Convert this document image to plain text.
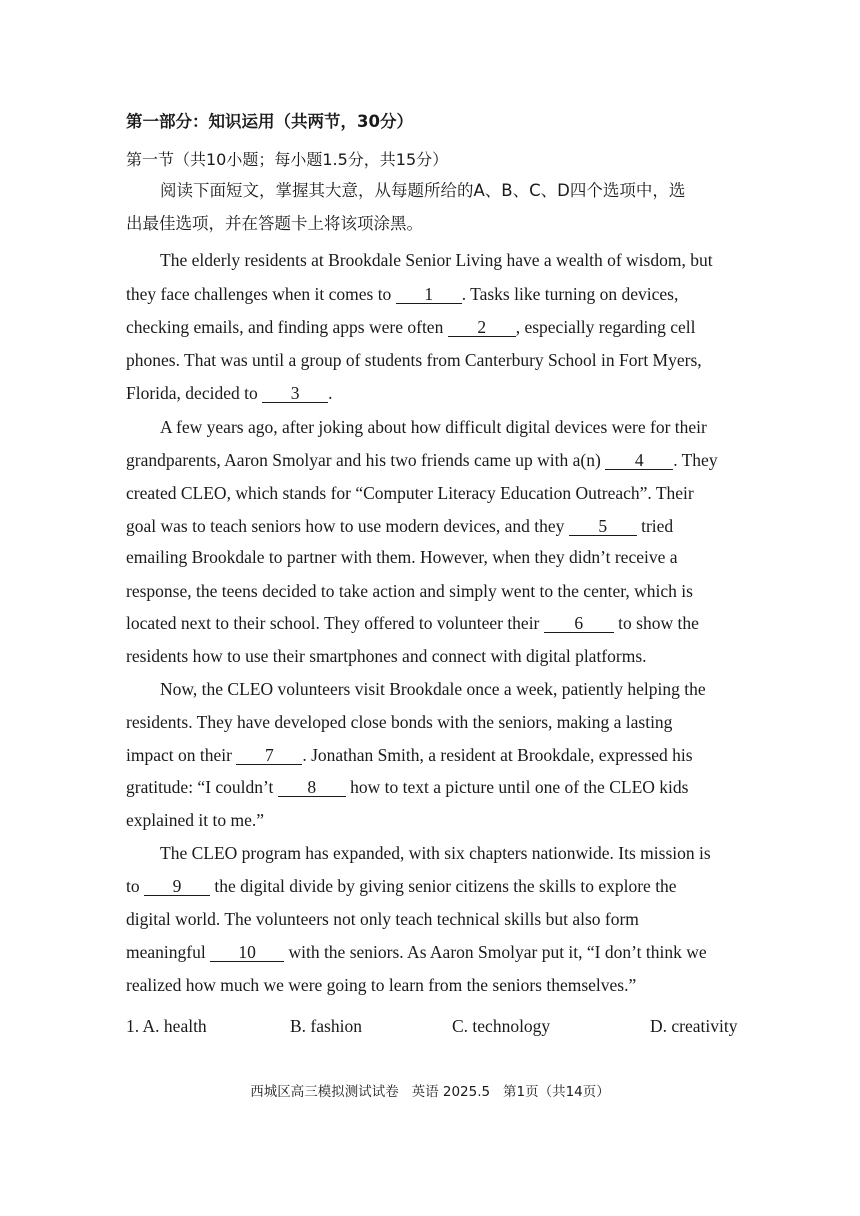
第一部分：知识运用（共两节，30分）
第一节（共10小题；每小题1.5分，共15分）
阅读下面短文，掌握其大意，从每题所给的A、B、C、D四个选项中，选
出最佳选项，并在答题卡上将该项涂黑。
The elderly residents at Brookdale Senior Living have a wealth of wisdom, but
they face challenges when it comes to 1 . Tasks like turning on devices,
checking emails, and finding apps were often 2 , especially regarding cell
phones. That was until a group of students from Canterbury School in Fort Myers,
Florida, decided to 3 .
A few years ago, after joking about how difficult digital devices were for their
grandparents, Aaron Smolyar and his two friends came up with a(n) 4 . They
created CLEO, which stands for “Computer Literacy Education Outreach”. Their
goal was to teach seniors how to use modern devices, and they 5 tried
emailing Brookdale to partner with them. However, when they didn’t receive a
response, the teens decided to take action and simply went to the center, which is
located next to their school. They offered to volunteer their 6 to show the
residents how to use their smartphones and connect with digital platforms.
Now, the CLEO volunteers visit Brookdale once a week, patiently helping the
residents. They have developed close bonds with the seniors, making a lasting
impact on their 7 . Jonathan Smith, a resident at Brookdale, expressed his
gratitude: “I couldn’t 8 how to text a picture until one of the CLEO kids
explained it to me.”
The CLEO program has expanded, with six chapters nationwide. Its mission is
to 9 the digital divide by giving senior citizens the skills to explore the
digital world. The volunteers not only teach technical skills but also form
meaningful 10 with the seniors. As Aaron Smolyar put it, “I don’t think we
realized how much we were going to learn from the seniors themselves.”
1. A. health	B. fashion	C. technology	D. creativity
西城区高三模拟测试试卷   英语 2025.5   第1页（共14页）
